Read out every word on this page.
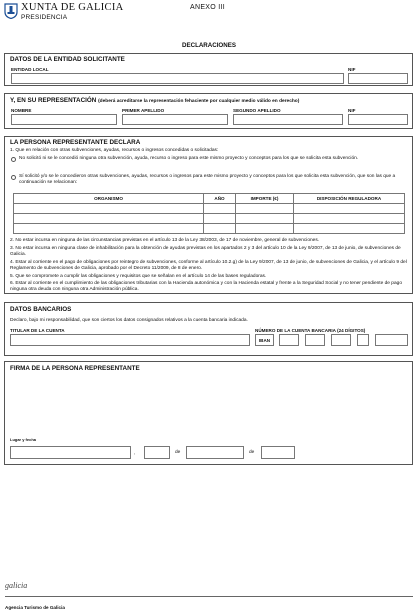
XUNTA DE GALICIA
PRESIDENCIA
ANEXO III
DECLARACIONES
DATOS DE LA ENTIDAD SOLICITANTE
ENTIDAD LOCAL	NIF
Y, EN SU REPRESENTACIÓN (deberá acreditarse la representación fehaciente por cualquier medio válido en derecho)
NOMBRE	PRIMER APELLIDO	SEGUNDO APELLIDO	NIF
LA PERSONA REPRESENTANTE DECLARA
1. Que en relación con otras subvenciones, ayudas, recursos o ingresos concedidas o solicitadas:
No solicitó ni se le concedió ninguna otra subvención, ayuda, recurso o ingreso para este mismo proyecto y conceptos para los que se solicita esta subvención.
Sí solicitó y/o se le concedieron otras subvenciones, ayudas, recursos o ingresos para este mismo proyecto y conceptos para los que solicita esta subvención, que son las que a continuación se relacionan:
ORGANISMO	AÑO	IMPORTE (€)	DISPOSICIÓN REGULADORA

2. No estar incursa en ninguna de las circunstancias previstas en el artículo 13 de la Ley 38/2003, de 17 de noviembre, general de subvenciones.
3. No estar incursa en ninguna clase de inhabilitación para la obtención de ayudas previstas en los apartados 2 y 3 del artículo 10 de la Ley 9/2007, de 13 de junio, de subvenciones de Galicia.
4. Estar al corriente en el pago de obligaciones por reintegro de subvenciones, conforme al artículo 10.2.g) de la Ley 9/2007, de 13 de junio, de subvenciones de Galicia, y el artículo 9 del Reglamento de subvenciones de Galicia, aprobado por el Decreto 11/2009, de 8 de enero.
5. Que se compromete a cumplir las obligaciones y requisitos que se señalan en el artículo 14 de las bases reguladoras.
6. Estar al corriente en el cumplimiento de las obligaciones tributarias con la Hacienda autonómica y con la Hacienda estatal y frente a la Seguridad Social y no tener pendiente de pago ninguna otra deuda con ninguna otra Administración pública.
DATOS BANCARIOS
Declaro, bajo mi responsabilidad, que son ciertos los datos consignados relativos a la cuenta bancaria indicada.
TITULAR DE LA CUENTA	NÚMERO DE LA CUENTA BANCARIA (24 DÍGITOS)
IBAN
FIRMA DE LA PERSONA REPRESENTANTE
Lugar y fecha
,	de	de
galicia
Agencia Turismo de Galicia
